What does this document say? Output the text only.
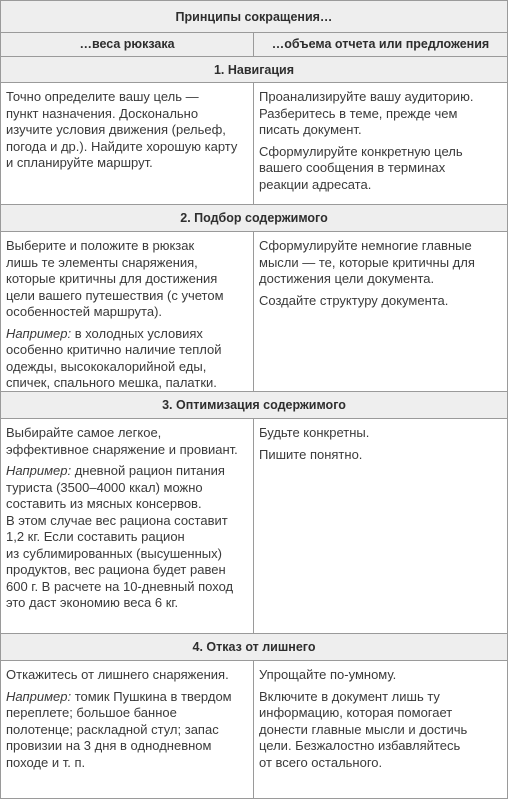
Принципы сокращения…
…веса рюкзака	…объема отчета или предложения
1. Навигация

Точно определите вашу цель —
пункт назначения. Досконально
изучите условия движения (рельеф,
погода и др.). Найдите хорошую карту
и спланируйте маршрут.

Проанализируйте вашу аудиторию.
Разберитесь в теме, прежде чем
писать документ.

Сформулируйте конкретную цель
вашего сообщения в терминах
реакции адресата.

2. Подбор содержимого

Выберите и положите в рюкзак
лишь те элементы снаряжения,
которые критичны для достижения
цели вашего путешествия (с учетом
особенностей маршрута).

Например: в холодных условиях
особенно критично наличие теплой
одежды, высококалорийной еды,
спичек, спального мешка, палатки.

Сформулируйте немногие главные
мысли — те, которые критичны для
достижения цели документа.

Создайте структуру документа.

3. Оптимизация содержимого

Выбирайте самое легкое,
эффективное снаряжение и провиант.

Например: дневной рацион питания
туриста (3500–4000 ккал) можно
составить из мясных консервов.
В этом случае вес рациона составит
1,2 кг. Если составить рацион
из сублимированных (высушенных)
продуктов, вес рациона будет равен
600 г. В расчете на 10-дневный поход
это даст экономию веса 6 кг.

Будьте конкретны.

Пишите понятно.

4. Отказ от лишнего

Откажитесь от лишнего снаряжения.

Например: томик Пушкина в твердом
переплете; большое банное
полотенце; раскладной стул; запас
провизии на 3 дня в однодневном
походе и т. п.

Упрощайте по-умному.

Включите в документ лишь ту
информацию, которая помогает
донести главные мысли и достичь
цели. Безжалостно избавляйтесь
от всего остального.
